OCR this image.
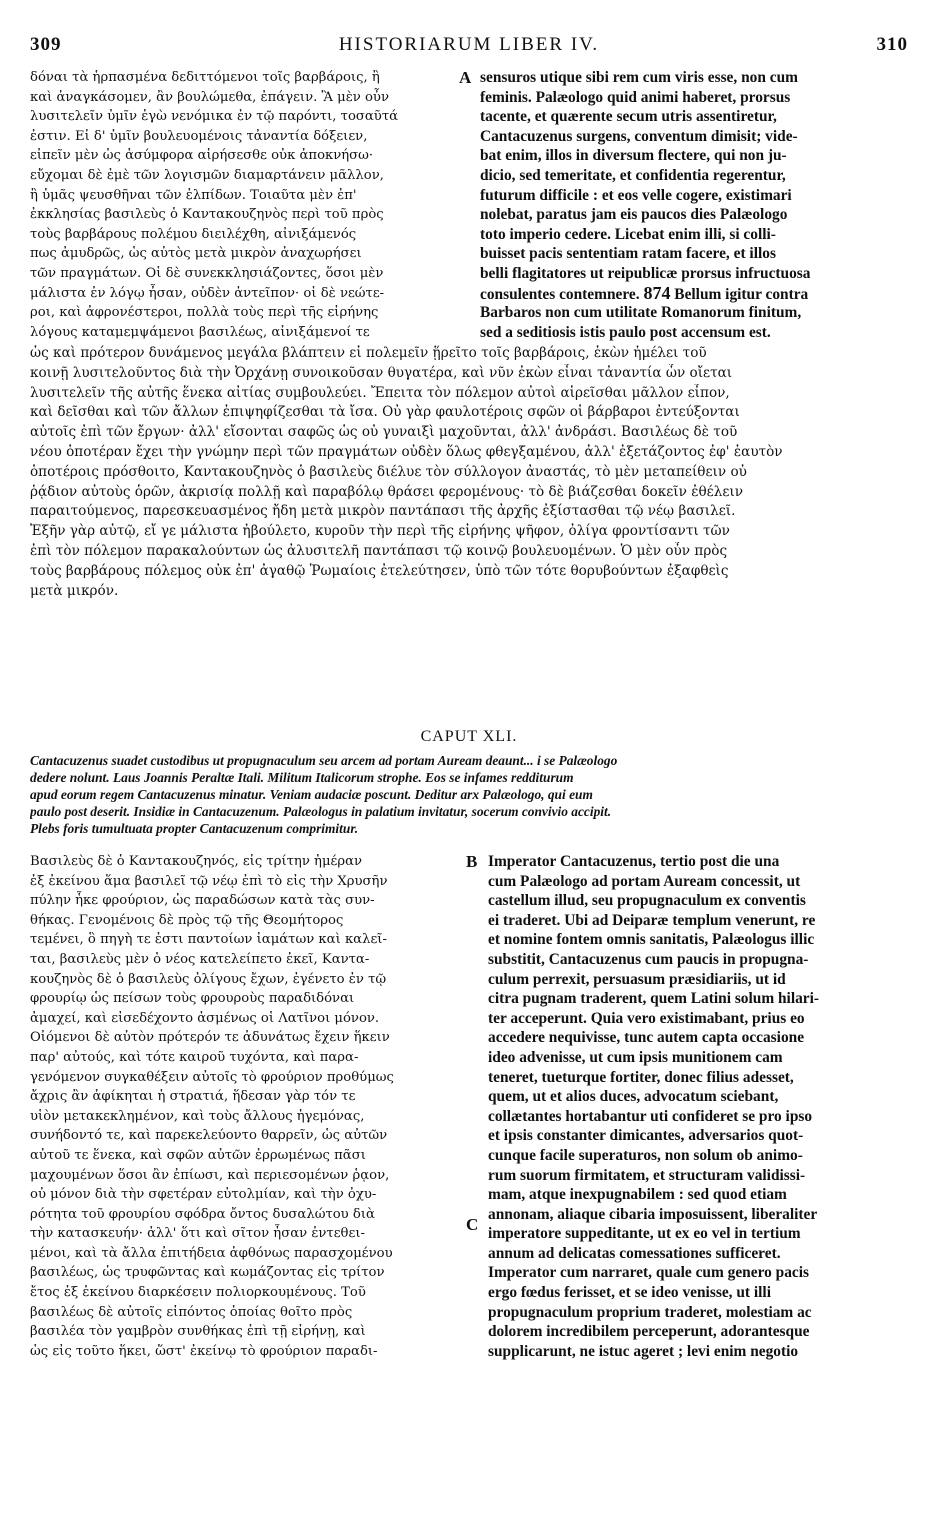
309	HISTORIARUM LIBER IV.	310
δόναι τὰ ἡρπασμένα δεδιττόμενοι τοῖς βαρβάροις, ἢ
καὶ ἀναγκάσομεν, ἂν βουλώμεθα, ἐπάγειν. Ἃ μὲν οὖν
λυσιτελεῖν ὑμῖν ἐγὼ νενόμικα ἐν τῷ παρόντι, τοσαῦτά
ἐστιν. Εἰ δ' ὑμῖν βουλευομένοις τἀναντία δόξειεν,
εἰπεῖν μὲν ὡς ἀσύμφορα αἱρήσεσθε οὐκ ἀποκνήσω·
εὔχομαι δὲ ἐμὲ τῶν λογισμῶν διαμαρτάνειν μᾶλλον,
ἢ ὑμᾶς ψευσθῆναι τῶν ἐλπίδων. Τοιαῦτα μὲν ἐπ'
ἐκκλησίας βασιλεὺς ὁ Καντακουζηνὸς περὶ τοῦ πρὸς
τοὺς βαρβάρους πολέμου διειλέχθη, αἰνιξάμενός
πως ἀμυδρῶς, ὡς αὐτὸς μετὰ μικρὸν ἀναχωρήσει
τῶν πραγμάτων. Οἱ δὲ συνεκκλησιάζοντες, ὅσοι μὲν
μάλιστα ἐν λόγῳ ἦσαν, οὐδὲν ἀντεῖπον· οἱ δὲ νεώτε-
ροι, καὶ ἀφρονέστεροι, πολλὰ τοὺς περὶ τῆς εἰρήνης
λόγους καταμεμψάμενοι βασιλέως, αἰνιξάμενοί τε
A sensuros utique sibi rem cum viris esse, non cum
feminis. Palæologo quid animi haberet, prorsus
tacente, et quærente secum utris assentiretur,
Cantacuzenus surgens, conventum dimisit; vide-
bat enim, illos in diversum flectere, qui non ju-
dicio, sed temeritate, et confidentia regerentur,
futurum difficile : et eos velle cogere, existimari
nolebat, paratus jam eis paucos dies Palæologo
toto imperio cedere. Licebat enim illi, si colli-
buisset pacis sententiam ratam facere, et illos
belli flagitatores ut reipublicæ prorsus infructuosa
consulentes contemnere. 874 Bellum igitur contra
Barbaros non cum utilitate Romanorum finitum,
sed a seditiosis istis paulo post accensum est.
ὡς καὶ πρότερον δυνάμενος μεγάλα βλάπτειν εἰ πολεμεῖν ᾕρεῖτο τοῖς βαρβάροις, ἐκὼν ἠμέλει τοῦ
κοινῇ λυσιτελοῦντος διὰ τὴν Ὀρχάνῃ συνοικοῦσαν θυγατέρα, καὶ νῦν ἐκὼν εἶναι τἀναντία ὧν οἴεται
λυσιτελεῖν τῆς αὐτῆς ἕνεκα αἰτίας συμβουλεύει. Ἔπειτα τὸν πόλεμον αὐτοὶ αἱρεῖσθαι μᾶλλον εἶπον,
καὶ δεῖσθαι καὶ τῶν ἄλλων ἐπιψηφίζεσθαι τὰ ἴσα. Οὐ γὰρ φαυλοτέροις σφῶν οἱ βάρβαροι ἐντεύξονται
αὐτοῖς ἐπὶ τῶν ἔργων· ἀλλ' εἴσονται σαφῶς ὡς οὐ γυναιξὶ μαχοῦνται, ἀλλ' ἀνδράσι. Βασιλέως δὲ τοῦ
νέου ὁποτέραν ἔχει τὴν γνώμην περὶ τῶν πραγμάτων οὐδὲν ὅλως φθεγξαμένου, ἀλλ' ἐξετάζοντος ἐφ' ἑαυτὸν
ὁποτέροις πρόσθοιτο, Καντακουζηνὸς ὁ βασιλεὺς διέλυε τὸν σύλλογον ἀναστάς, τὸ μὲν μεταπείθειν οὐ
ῥᾴδιον αὐτοὺς ὁρῶν, ἀκρισίᾳ πολλῇ καὶ παραβόλῳ θράσει φερομένους· τὸ δὲ βιάζεσθαι δοκεῖν ἐθέλειν
παραιτούμενος, παρεσκευασμένος ἤδη μετὰ μικρὸν παντάπασι τῆς ἀρχῆς ἐξίστασθαι τῷ νέῳ βασιλεῖ.
Ἐξῆν γὰρ αὐτῷ, εἴ γε μάλιστα ἠβούλετο, κυροῦν τὴν περὶ τῆς εἰρήνης ψῆφον, ὀλίγα φροντίσαντι τῶν
ἐπὶ τὸν πόλεμον παρακαλούντων ὡς ἀλυσιτελῆ παντάπασι τῷ κοινῷ βουλευομένων. Ὁ μὲν οὖν πρὸς
τοὺς βαρβάρους πόλεμος οὐκ ἐπ' ἀγαθῷ Ῥωμαίοις ἐτελεύτησεν, ὑπὸ τῶν τότε θορυβούντων ἐξαφθεὶς
μετὰ μικρόν.
CAPUT XLI.
Cantacuzenus suadet custodibus ut propugnaculum seu arcem ad portam Auream deaunt... i se Palæologo
dedere nolunt. Laus Joannis Peraltæ Itali. Militum Italicorum strophe. Eos se infames redditurum
apud eorum regem Cantacuzenus minatur. Veniam audaciæ poscunt. Deditur arx Palæologo, qui eum
paulo post deserit. Insidiæ in Cantacuzenum. Palæologus in palatium invitatur, socerum convivio accipit.
Plebs foris tumultuata propter Cantacuzenum comprimitur.
Βασιλεὺς δὲ ὁ Καντακουζηνός, εἰς τρίτην ἡμέραν
ἐξ ἐκείνου ἅμα βασιλεῖ τῷ νέῳ ἐπὶ τὸ εἰς τὴν Χρυσῆν
πύλην ἧκε φρούριον, ὡς παραδώσων κατὰ τὰς συν-
θήκας. Γενομένοις δὲ πρὸς τῷ τῆς Θεομήτορος
τεμένει, ὃ πηγὴ τε ἐστι παντοίων ἰαμάτων καὶ καλεῖ-
ται, βασιλεὺς μὲν ὁ νέος κατελείπετο ἐκεῖ, Καντα-
κουζηνὸς δὲ ὁ βασιλεὺς ὀλίγους ἔχων, ἐγένετο ἐν τῷ
φρουρίῳ ὡς πείσων τοὺς φρουροὺς παραδιδόναι
ἀμαχεί, καὶ εἰσεδέχοντο ἀσμένως οἱ Λατῖνοι μόνον.
Οἰόμενοι δὲ αὐτὸν πρότερόν τε ἀδυνάτως ἔχειν ἥκειν
παρ' αὐτούς, καὶ τότε καιροῦ τυχόντα, καὶ παρα-
γενόμενον συγκαθέξειν αὐτοῖς τὸ φρούριον προθύμως
ἄχρις ἂν ἀφίκηται ἡ στρατιά, ἥδεσαν γὰρ τόν τε
υἱὸν μετακεκλημένον, καὶ τοὺς ἄλλους ἡγεμόνας,
συνήδοντό τε, καὶ παρεκελεύοντο θαρρεῖν, ὡς αὐτῶν
αὐτοῦ τε ἕνεκα, καὶ σφῶν αὐτῶν ἐρρωμένως πᾶσι
μαχουμένων ὅσοι ἂν ἐπίωσι, καὶ περιεσομένων ῥᾳον,
οὐ μόνον διὰ τὴν σφετέραν εὐτολμίαν, καὶ τὴν ὀχυ-
ρότητα τοῦ φρουρίου σφόδρα ὄντος δυσαλώτου διὰ
τὴν κατασκευήν· ἀλλ' ὅτι καὶ σῖτον ἦσαν ἐντεθει-
μένοι, καὶ τὰ ἄλλα ἐπιτήδεια ἀφθόνως παρασχομένου
βασιλέως, ὡς τρυφῶντας καὶ κωμάζοντας εἰς τρίτον
ἔτος ἐξ ἐκείνου διαρκέσειν πολιορκουμένους. Τοῦ
βασιλέως δὲ αὐτοῖς εἰπόντος ὁποίας θοῖτο πρὸς
βασιλέα τὸν γαμβρὸν συνθήκας ἐπὶ τῇ εἰρήνῃ, καὶ
ὡς εἰς τοῦτο ἥκει, ὥστ' ἐκείνῳ τὸ φρούριον παραδι-
B
C
Imperator Cantacuzenus, tertio post die una
cum Palæologo ad portam Auream concessit, ut
castellum illud, seu propugnaculum ex conventis
ei traderet. Ubi ad Deiparæ templum venerunt, re
et nomine fontem omnis sanitatis, Palæologus illic
substitit, Cantacuzenus cum paucis in propugna-
culum perrexit, persuasum præsidiariis, ut id
citra pugnam traderent, quem Latini solum hilari-
ter acceperunt. Quia vero existimabant, prius eo
accedere nequivisse, tunc autem capta occasione
ideo advenisse, ut cum ipsis munitionem cam
teneret, tueturque fortiter, donec filius adesset,
quem, ut et alios duces, advocatum sciebant,
collætantes hortabantur uti confideret se pro ipso
et ipsis constanter dimicantes, adversarios quot-
cunque facile superaturos, non solum ob animo-
rum suorum firmitatem, et structuram validissi-
mam, atque inexpugnabilem : sed quod etiam
annonam, aliaque cibaria imposuissent, liberaliter
imperatore suppeditante, ut ex eo vel in tertium
annum ad delicatas comessationes sufficeret.
Imperator cum narraret, quale cum genero pacis
ergo fœdus ferisset, et se ideo venisse, ut illi
propugnaculum proprium traderet, molestiam ac
dolorem incredibilem perceperunt, adorantesque
supplicarunt, ne istuc ageret ; levi enim negotio
